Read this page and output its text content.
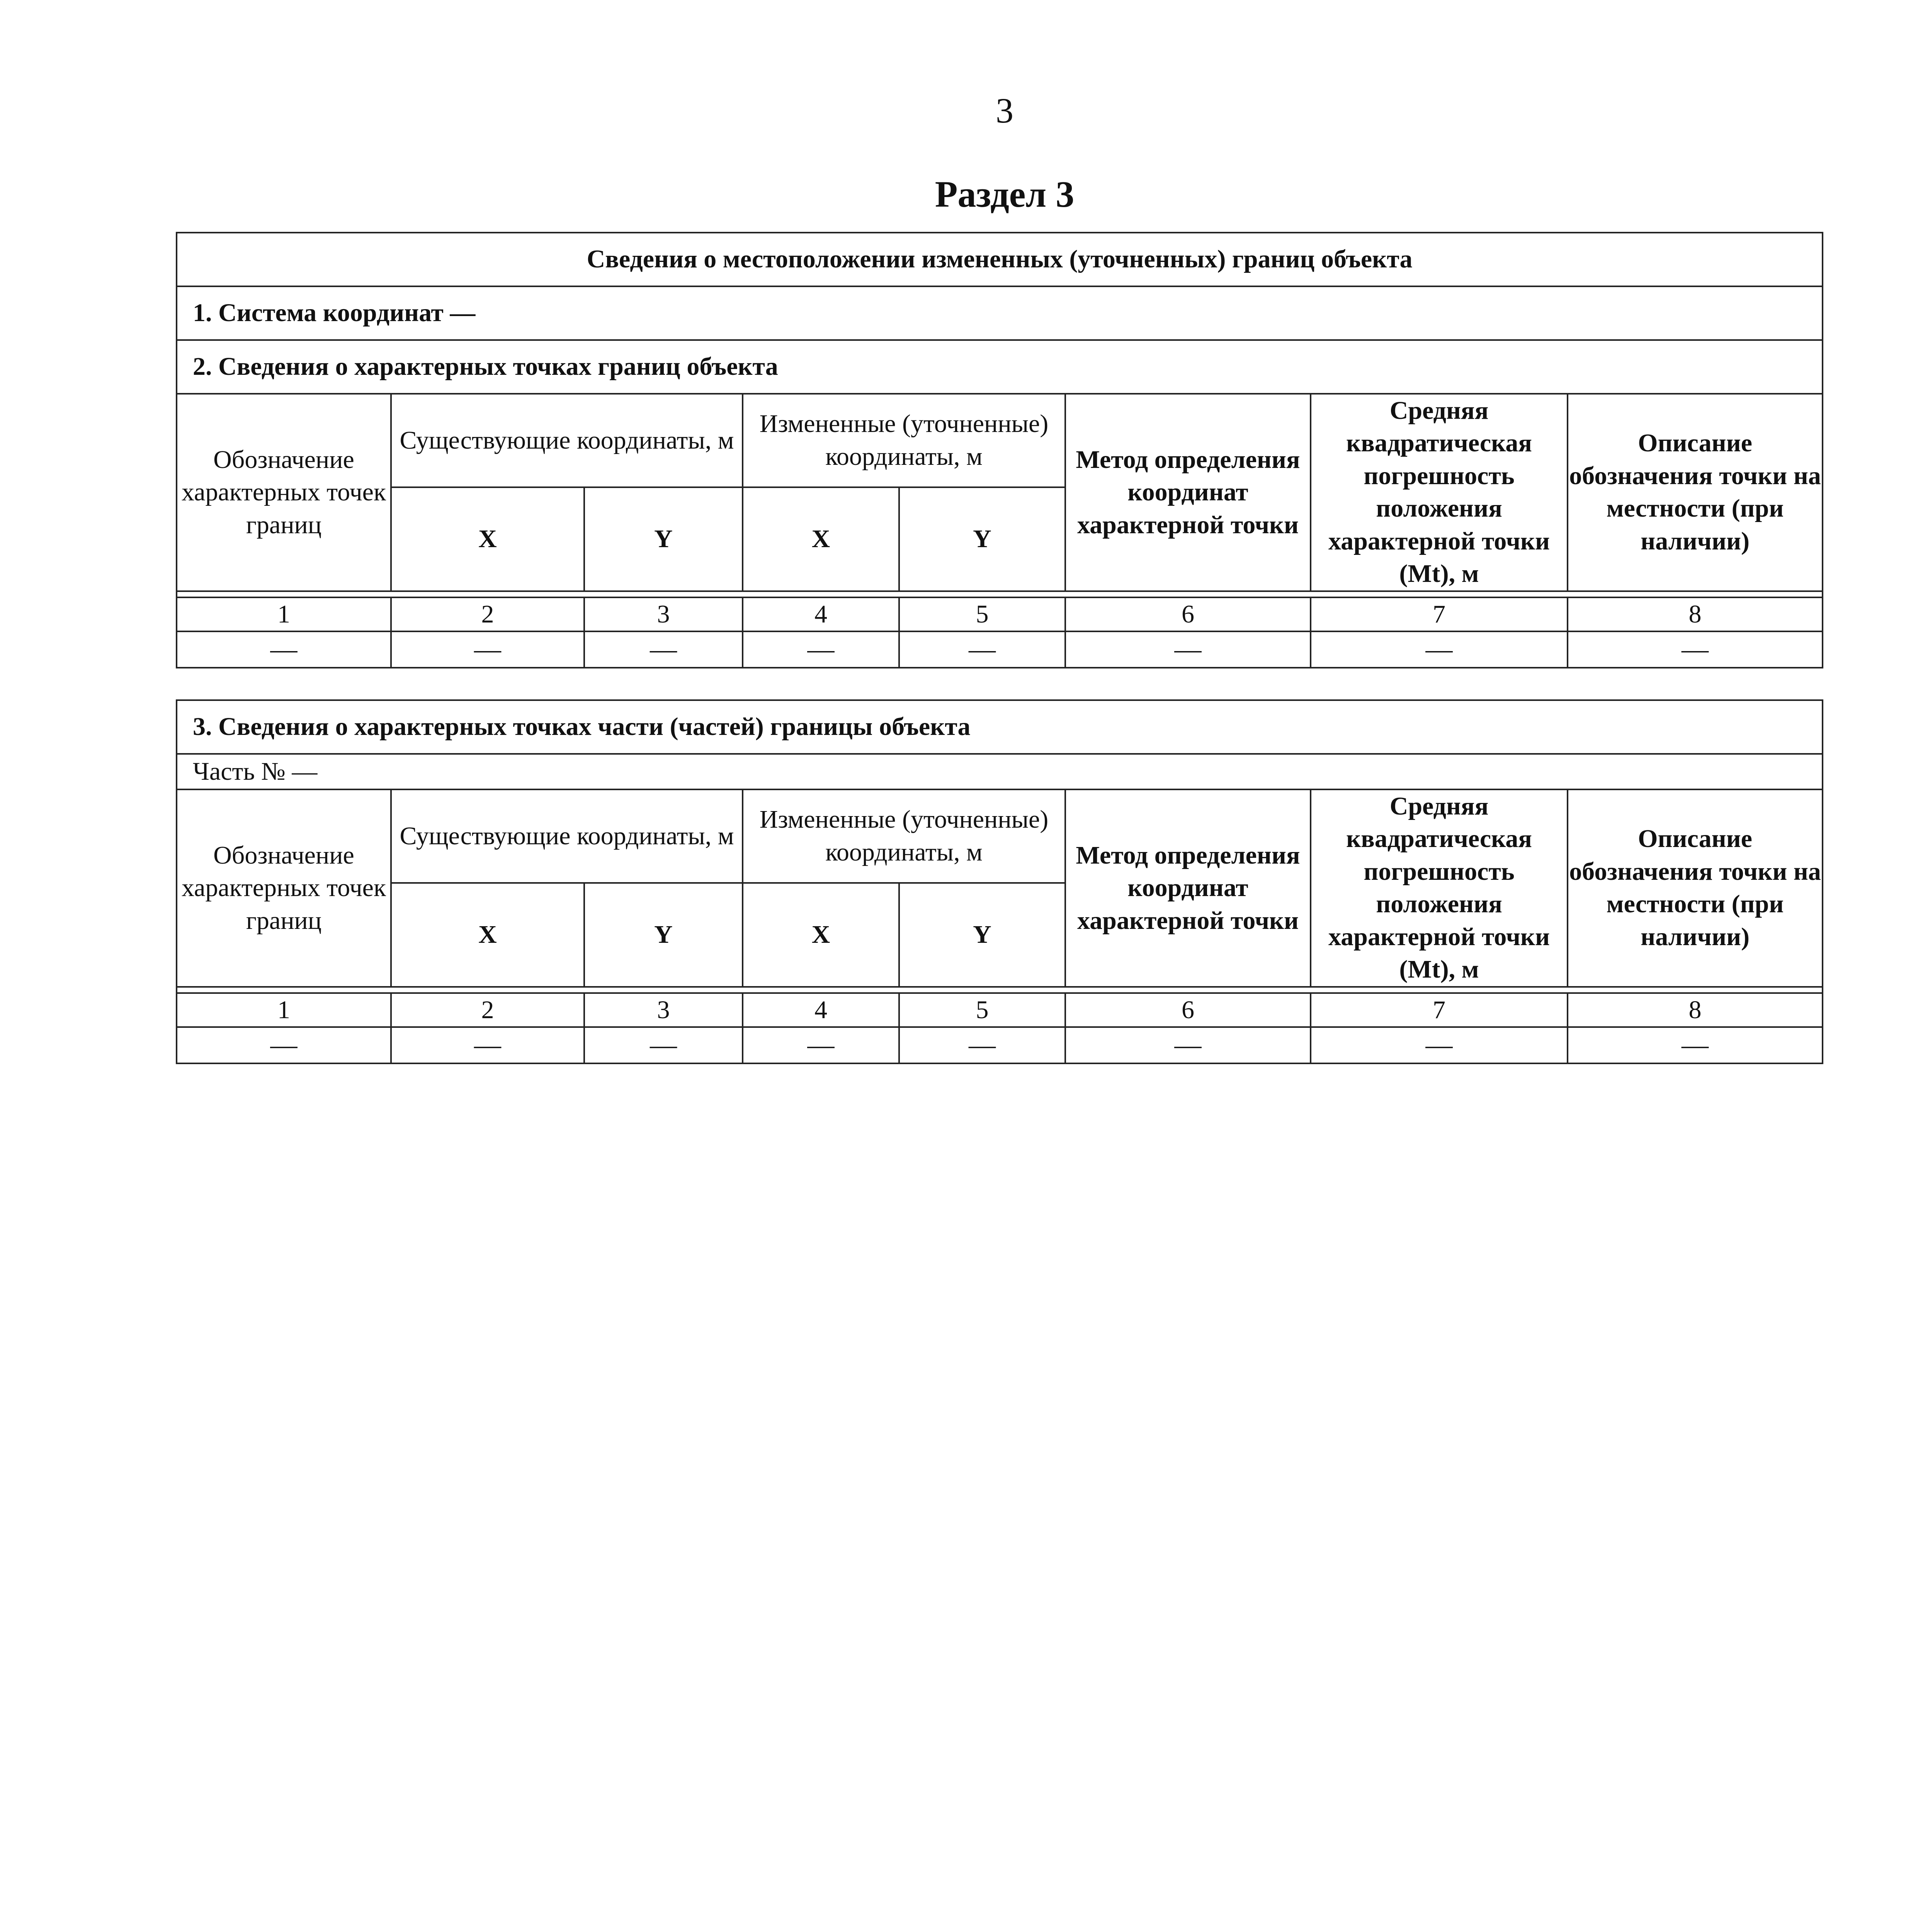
3
Раздел 3
Сведения о местоположении измененных (уточненных) границ объекта							
1. Система координат —							
2. Сведения о характерных точках границ объекта							
Обозначение характерных точек границ	Существующие координаты, м		Измененные (уточненные) координаты, м		Метод определения координат характерной точки	Средняя квадратическая погрешность положения характерной точки (Mt), м	Описание обозначения точки на местности (при наличии)
	X	Y	X	Y			

1	2	3	4	5	6	7	8
—	—	—	—	—	—	—	—
3. Сведения о характерных точках части (частей) границы объекта							
Часть № —							
Обозначение характерных точек границ	Существующие координаты, м		Измененные (уточненные) координаты, м		Метод определения координат характерной точки	Средняя квадратическая погрешность положения характерной точки (Mt), м	Описание обозначения точки на местности (при наличии)
	X	Y	X	Y			

1	2	3	4	5	6	7	8
—	—	—	—	—	—	—	—
